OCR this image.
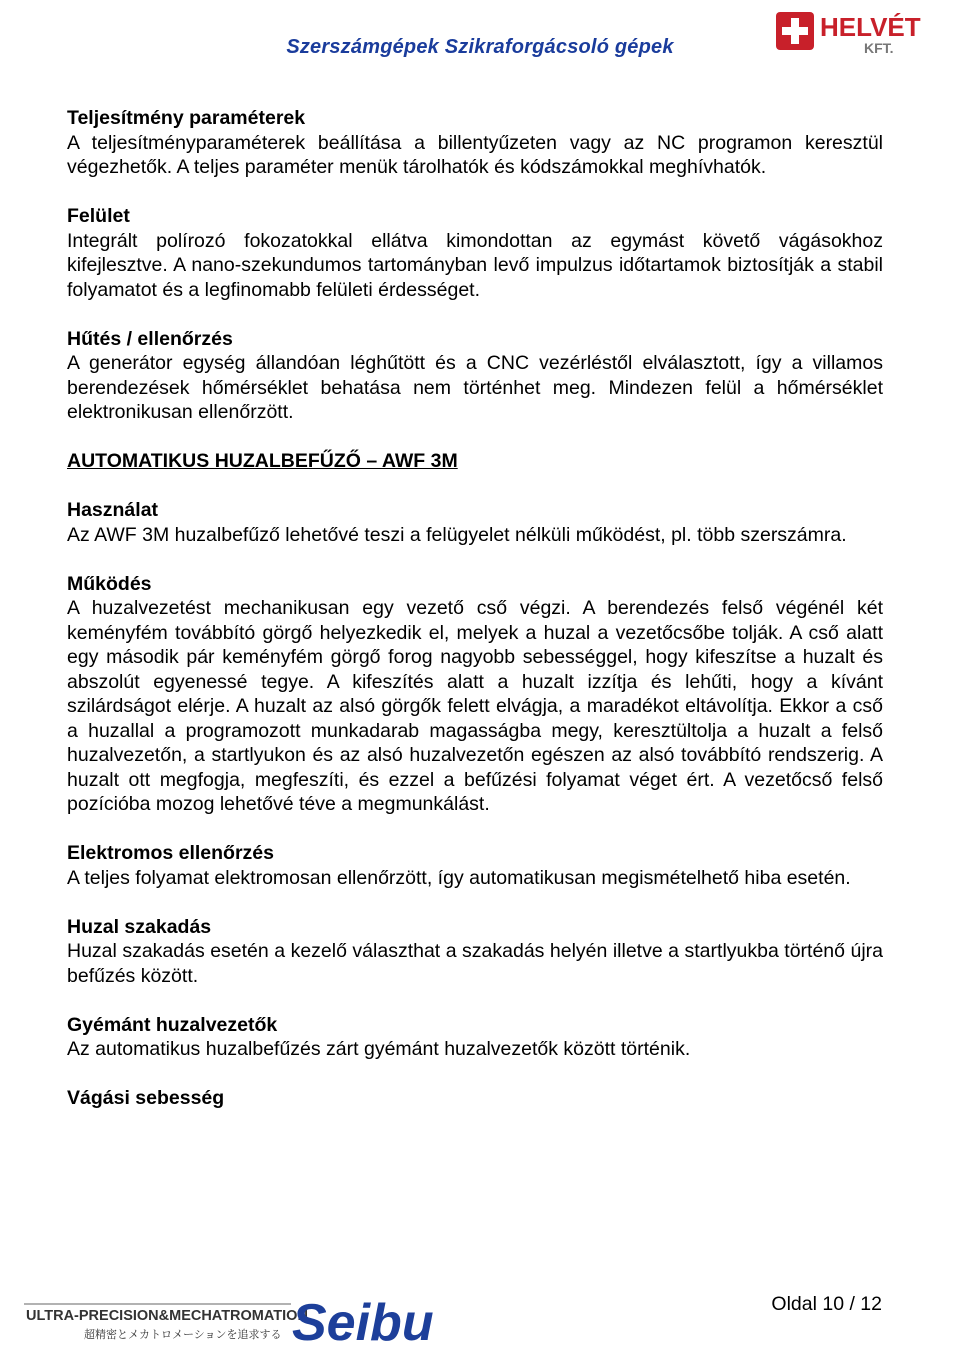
Szerszámgépek Szikraforgácsoló gépek
HELVÉT
KFT.
Teljesítmény paraméterek

A teljesítményparaméterek beállítása a billentyűzeten vagy az NC programon keresztül végezhetők. A teljes paraméter menük tárolhatók és kódszámokkal meghívhatók.

Felület

Integrált polírozó fokozatokkal ellátva kimondottan az egymást követő vágásokhoz kifejlesztve. A nano-szekundumos tartományban levő impulzus időtartamok biztosítják a stabil folyamatot és a legfinomabb felületi érdességet.

Hűtés / ellenőrzés

A generátor egység állandóan léghűtött és a CNC vezérléstől elválasztott, így a villamos berendezések hőmérséklet behatása nem történhet meg. Mindezen felül a hőmérséklet elektronikusan ellenőrzött.

AUTOMATIKUS HUZALBEFŰZŐ – AWF 3M
Használat

Az AWF 3M huzalbefűző lehetővé teszi a felügyelet nélküli működést, pl. több szerszámra.

Működés

A huzalvezetést mechanikusan egy vezető cső végzi. A berendezés felső végénél két keményfém továbbító görgő helyezkedik el, melyek a huzal a vezetőcsőbe tolják. A cső alatt egy második pár keményfém görgő forog nagyobb sebességgel, hogy kifeszítse a huzalt és abszolút egyenessé tegye. A kifeszítés alatt a huzalt izzítja és lehűti, hogy a kívánt szilárdságot elérje. A huzalt az alsó görgők felett elvágja, a maradékot eltávolítja. Ekkor a cső a huzallal a programozott munkadarab magasságba megy, keresztültolja a huzalt a felső huzalvezetőn, a startlyukon és az alsó huzalvezetőn egészen az alsó továbbító rendszerig. A huzalt ott megfogja, megfeszíti, és ezzel a befűzési folyamat véget ért. A vezetőcső felső pozícióba mozog lehetővé téve a megmunkálást.

Elektromos ellenőrzés

A teljes folyamat elektromosan ellenőrzött, így automatikusan megismételhető hiba esetén.

Huzal szakadás

Huzal szakadás esetén a kezelő választhat a szakadás helyén illetve a startlyukba történő újra befűzés között.

Gyémánt huzalvezetők

Az automatikus huzalbefűzés zárt gyémánt huzalvezetők között történik.

Vágási sebesség
ULTRA-PRECISION&MECHATROMATION
超精密とメカトロメーションを追求する Seibu	Oldal 10 / 12
